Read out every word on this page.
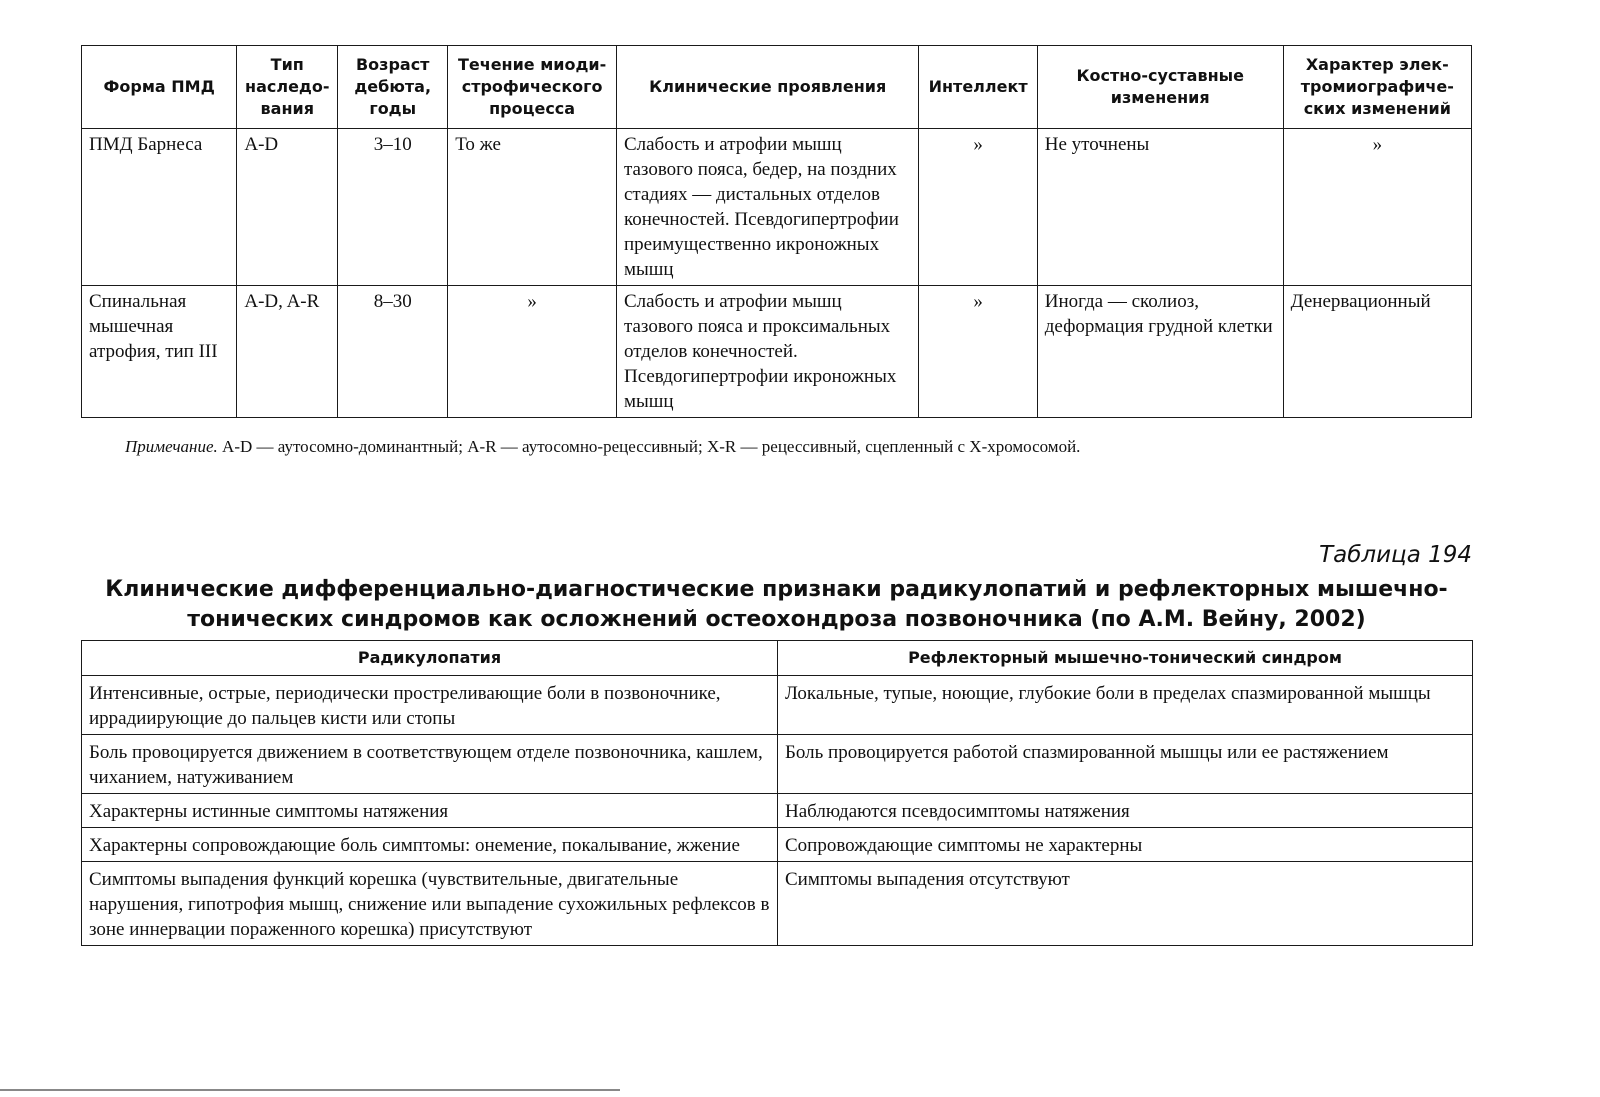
Форма ПМД	Тип наследо-вания	Возраст дебюта, годы	Течение миоди-строфического процесса	Клинические проявления	Интеллект	Костно-суставные изменения	Характер элек-тромиографиче-ских изменений
ПМД Барнеса	A-D	3–10	То же	Слабость и атрофии мышц тазового пояса, бедер, на поздних стадиях — дистальных отделов конечностей. Псевдогипертрофии преимущественно икроножных мышц	»	Не уточнены	»
Спинальная мышечная атрофия, тип III	A-D, A-R	8–30	»	Слабость и атрофии мышц тазового пояса и проксимальных отделов конечностей. Псевдогипертрофии икроножных мышц	»	Иногда — сколиоз, деформация грудной клетки	Денервационный

Примечание. A-D — аутосомно-доминантный; A-R — аутосомно-рецессивный; X-R — рецессивный, сцепленный с X-хромосомой.

Таблица 194

Клинические дифференциально-диагностические признаки радикулопатий и рефлекторных мышечно-тонических синдромов как осложнений остеохондроза позвоночника (по А.М. Вейну, 2002)
Радикулопатия	Рефлекторный мышечно-тонический синдром
Интенсивные, острые, периодически простреливающие боли в позвоночнике, иррадиирующие до пальцев кисти или стопы	Локальные, тупые, ноющие, глубокие боли в пределах спазмированной мышцы
Боль провоцируется движением в соответствующем отделе позвоночника, кашлем, чиханием, натуживанием	Боль провоцируется работой спазмированной мышцы или ее растяжением
Характерны истинные симптомы натяжения	Наблюдаются псевдосимптомы натяжения
Характерны сопровождающие боль симптомы: онемение, покалывание, жжение	Сопровождающие симптомы не характерны
Симптомы выпадения функций корешка (чувствительные, двигательные нарушения, гипотрофия мышц, снижение или выпадение сухожильных рефлексов в зоне иннервации пораженного корешка) присутствуют	Симптомы выпадения отсутствуют
